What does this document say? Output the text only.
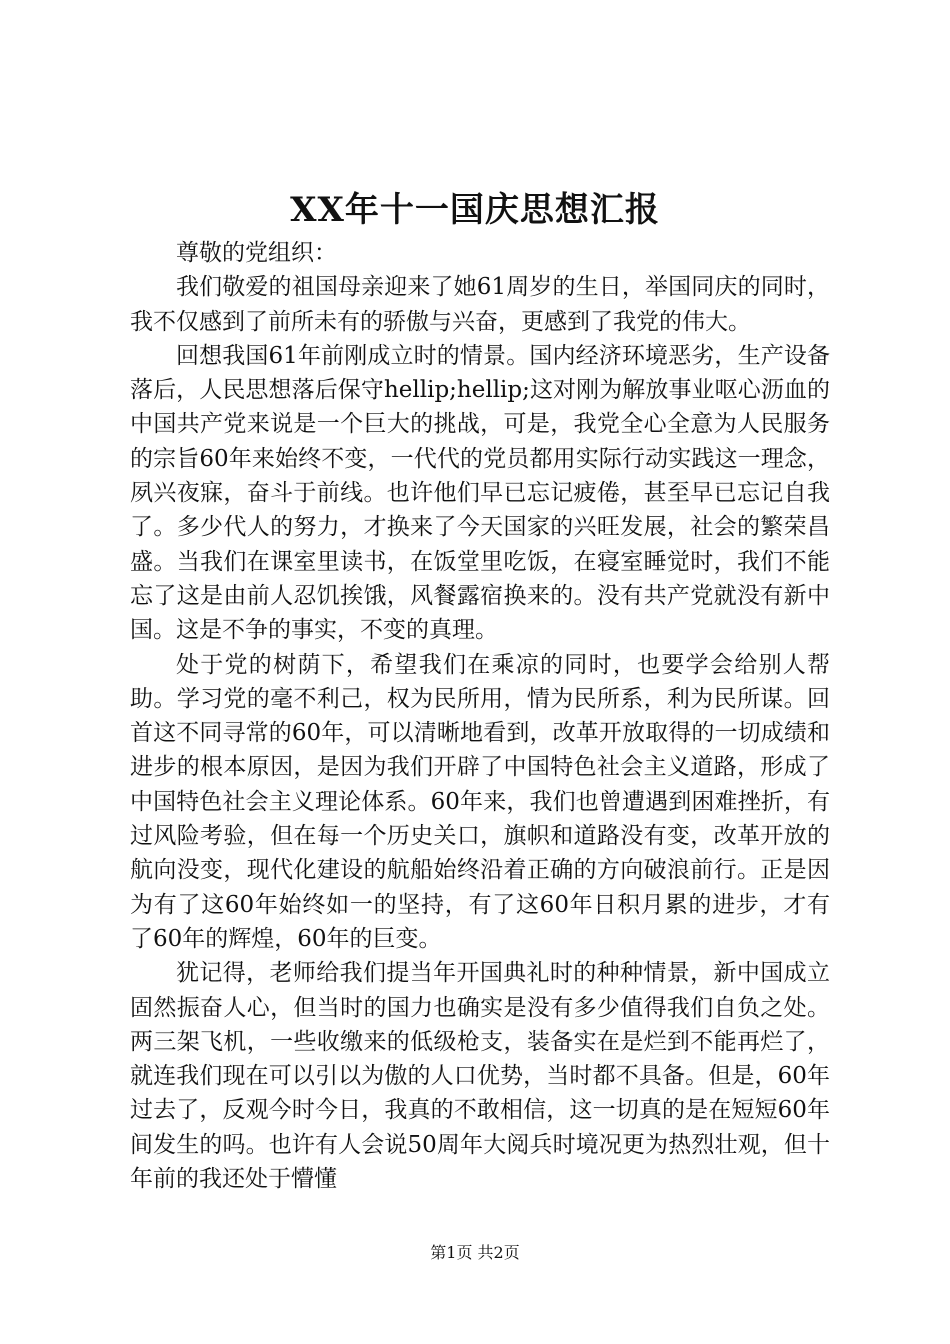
XX年十一国庆思想汇报

尊敬的党组织：

我们敬爱的祖国母亲迎来了她61周岁的生日，举国同庆的同时，我不仅感到了前所未有的骄傲与兴奋，更感到了我党的伟大。

回想我国61年前刚成立时的情景。国内经济环境恶劣，生产设备落后，人民思想落后保守hellip;hellip;这对刚为解放事业呕心沥血的中国共产党来说是一个巨大的挑战，可是，我党全心全意为人民服务的宗旨60年来始终不变，一代代的党员都用实际行动实践这一理念，夙兴夜寐，奋斗于前线。也许他们早已忘记疲倦，甚至早已忘记自我了。多少代人的努力，才换来了今天国家的兴旺发展，社会的繁荣昌盛。当我们在课室里读书，在饭堂里吃饭，在寝室睡觉时，我们不能忘了这是由前人忍饥挨饿，风餐露宿换来的。没有共产党就没有新中国。这是不争的事实，不变的真理。

处于党的树荫下，希望我们在乘凉的同时，也要学会给别人帮助。学习党的毫不利己，权为民所用，情为民所系，利为民所谋。回首这不同寻常的60年，可以清晰地看到，改革开放取得的一切成绩和进步的根本原因，是因为我们开辟了中国特色社会主义道路，形成了中国特色社会主义理论体系。60年来，我们也曾遭遇到困难挫折，有过风险考验，但在每一个历史关口，旗帜和道路没有变，改革开放的航向没变，现代化建设的航船始终沿着正确的方向破浪前行。正是因为有了这60年始终如一的坚持，有了这60年日积月累的进步，才有了60年的辉煌，60年的巨变。

犹记得，老师给我们提当年开国典礼时的种种情景，新中国成立固然振奋人心，但当时的国力也确实是没有多少值得我们自负之处。两三架飞机，一些收缴来的低级枪支，装备实在是烂到不能再烂了，就连我们现在可以引以为傲的人口优势，当时都不具备。但是，60年过去了，反观今时今日，我真的不敢相信，这一切真的是在短短60年间发生的吗。也许有人会说50周年大阅兵时境况更为热烈壮观，但十年前的我还处于懵懂

第1页 共2页
